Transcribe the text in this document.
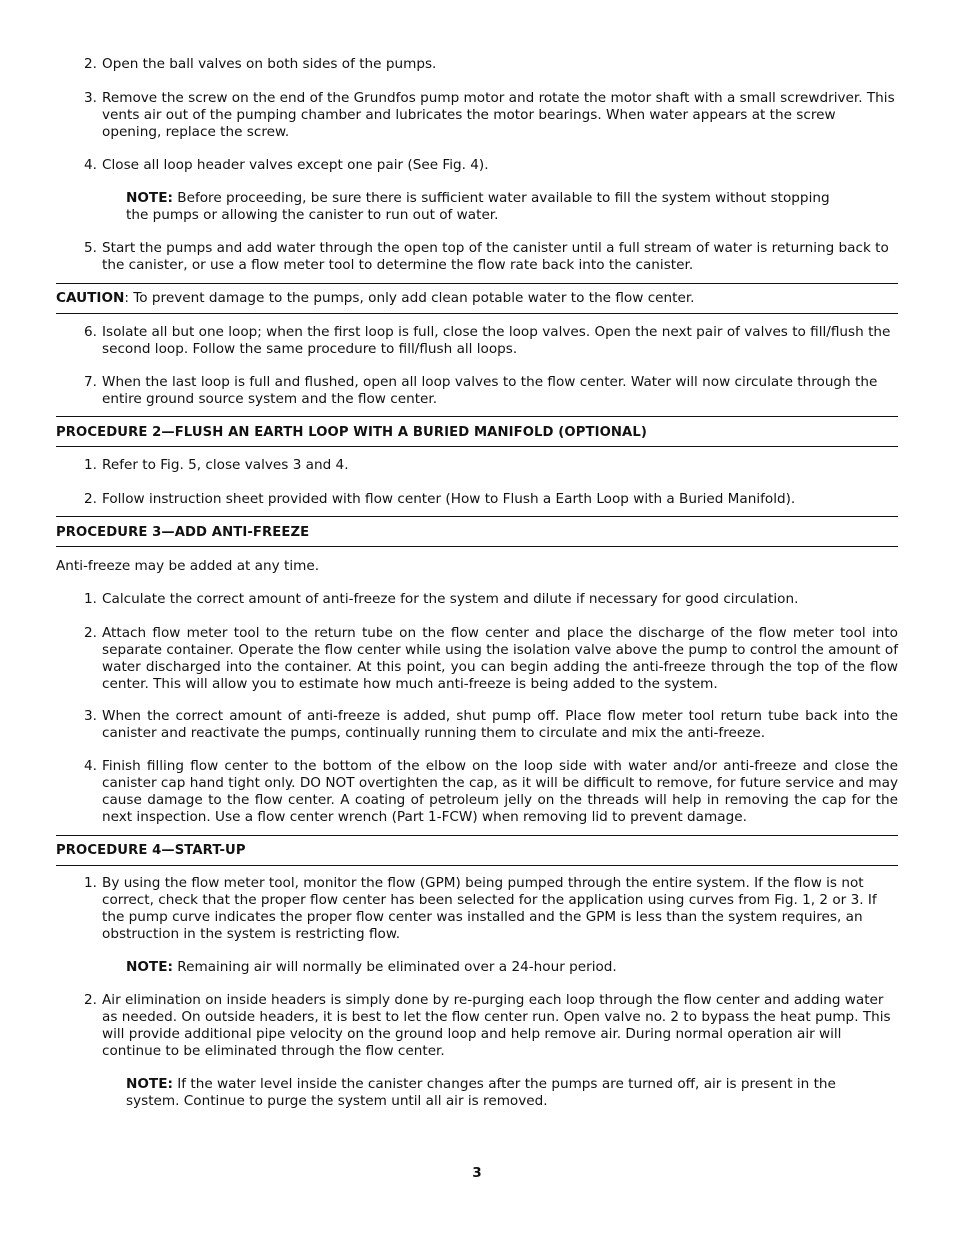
2. Open the ball valves on both sides of the pumps.
3. Remove the screw on the end of the Grundfos pump motor and rotate the motor shaft with a small screwdriver. This vents air out of the pumping chamber and lubricates the motor bearings. When water appears at the screw opening, replace the screw.
4. Close all loop header valves except one pair (See Fig. 4).
NOTE: Before proceeding, be sure there is sufficient water available to fill the system without stopping the pumps or allowing the canister to run out of water.
5. Start the pumps and add water through the open top of the canister until a full stream of water is returning back to the canister, or use a flow meter tool to determine the flow rate back into the canister.
CAUTION: To prevent damage to the pumps, only add clean potable water to the flow center.
6. Isolate all but one loop; when the first loop is full, close the loop valves. Open the next pair of valves to fill/flush the second loop. Follow the same procedure to fill/flush all loops.
7. When the last loop is full and flushed, open all loop valves to the flow center. Water will now circulate through the entire ground source system and the flow center.
PROCEDURE 2—FLUSH AN EARTH LOOP WITH A BURIED MANIFOLD (OPTIONAL)
1. Refer to Fig. 5, close valves 3 and 4.
2. Follow instruction sheet provided with flow center (How to Flush a Earth Loop with a Buried Manifold).
PROCEDURE 3—ADD ANTI-FREEZE
Anti-freeze may be added at any time.
1. Calculate the correct amount of anti-freeze for the system and dilute if necessary for good circulation.
2. Attach flow meter tool to the return tube on the flow center and place the discharge of the flow meter tool into separate container. Operate the flow center while using the isolation valve above the pump to control the amount of water discharged into the container. At this point, you can begin adding the anti-freeze through the top of the flow center. This will allow you to estimate how much anti-freeze is being added to the system.
3. When the correct amount of anti-freeze is added, shut pump off. Place flow meter tool return tube back into the canister and reactivate the pumps, continually running them to circulate and mix the anti-freeze.
4. Finish filling flow center to the bottom of the elbow on the loop side with water and/or anti-freeze and close the canister cap hand tight only. DO NOT overtighten the cap, as it will be difficult to remove, for future service and may cause damage to the flow center. A coating of petroleum jelly on the threads will help in removing the cap for the next inspection. Use a flow center wrench (Part 1-FCW) when removing lid to prevent damage.
PROCEDURE 4—START-UP
1. By using the flow meter tool, monitor the flow (GPM) being pumped through the entire system. If the flow is not correct, check that the proper flow center has been selected for the application using curves from Fig. 1, 2 or 3. If the pump curve indicates the proper flow center was installed and the GPM is less than the system requires, an obstruction in the system is restricting flow.
NOTE: Remaining air will normally be eliminated over a 24-hour period.
2. Air elimination on inside headers is simply done by re-purging each loop through the flow center and adding water as needed. On outside headers, it is best to let the flow center run. Open valve no. 2 to bypass the heat pump. This will provide additional pipe velocity on the ground loop and help remove air. During normal operation air will continue to be eliminated through the flow center.
NOTE: If the water level inside the canister changes after the pumps are turned off, air is present in the system. Continue to purge the system until all air is removed.
3
